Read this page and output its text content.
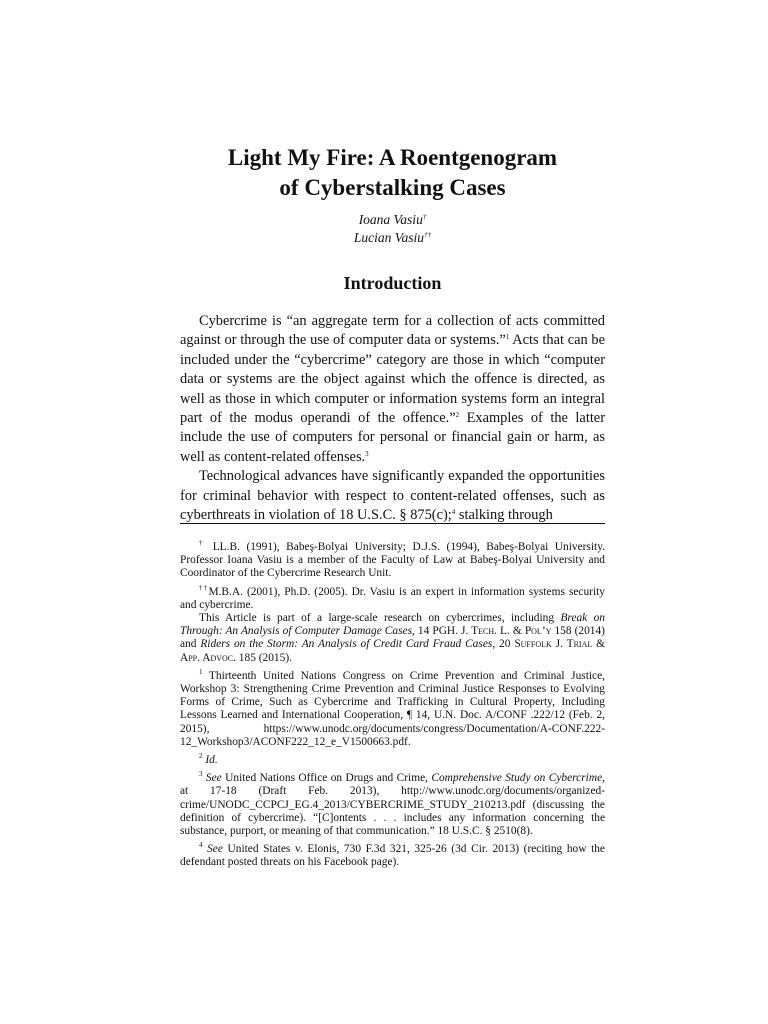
Light My Fire: A Roentgenogram
of Cyberstalking Cases
Ioana Vasiu†
Lucian Vasiu††
Introduction

Cybercrime is “an aggregate term for a collection of acts committed against or through the use of computer data or systems.”$^1$ Acts that can be included under the “cybercrime” category are those in which “computer data or systems are the object against which the offence is directed, as well as those in which computer or information systems form an integral part of the modus operandi of the offence.”$^2$ Examples of the latter include the use of computers for personal or financial gain or harm, as well as content-related offenses.$^3$

Technological advances have significantly expanded the opportunities for criminal behavior with respect to content-related offenses, such as cyberthreats in violation of 18 U.S.C. § 875(c);$^4$ stalking through

† LL.B. (1991), Babeş-Bolyai University; D.J.S. (1994), Babeş-Bolyai University. Professor Ioana Vasiu is a member of the Faculty of Law at Babeş-Bolyai University and Coordinator of the Cybercrime Research Unit.

††M.B.A. (2001), Ph.D. (2005). Dr. Vasiu is an expert in information systems security and cybercrime.

This Article is part of a large-scale research on cybercrimes, including Break on Through: An Analysis of Computer Damage Cases, 14 PGH. J. Tech. L. & Pol’y 158 (2014) and Riders on the Storm: An Analysis of Credit Card Fraud Cases, 20 Suffolk J. Trial & App. Advoc. 185 (2015).

$^1$ Thirteenth United Nations Congress on Crime Prevention and Criminal Justice, Workshop 3: Strengthening Crime Prevention and Criminal Justice Responses to Evolving Forms of Crime, Such as Cybercrime and Trafficking in Cultural Property, Including Lessons Learned and International Cooperation, ¶ 14, U.N. Doc. A/CONF .222/12 (Feb. 2, 2015), https://www.unodc.org/documents/congress/Documentation/A-CONF.222-12_Workshop3/ACONF222_12_e_V1500663.pdf.

$^2$ Id.

$^3$ See United Nations Office on Drugs and Crime, Comprehensive Study on Cybercrime, at 17-18 (Draft Feb. 2013), http://www.unodc.org/documents/organized-crime/UNODC_CCPCJ_EG.4_2013/CYBERCRIME_STUDY_210213.pdf (discussing the definition of cybercrime). “[C]ontents . . . includes any information concerning the substance, purport, or meaning of that communication.” 18 U.S.C. § 2510(8).

$^4$ See United States v. Elonis, 730 F.3d 321, 325-26 (3d Cir. 2013) (reciting how the defendant posted threats on his Facebook page).
